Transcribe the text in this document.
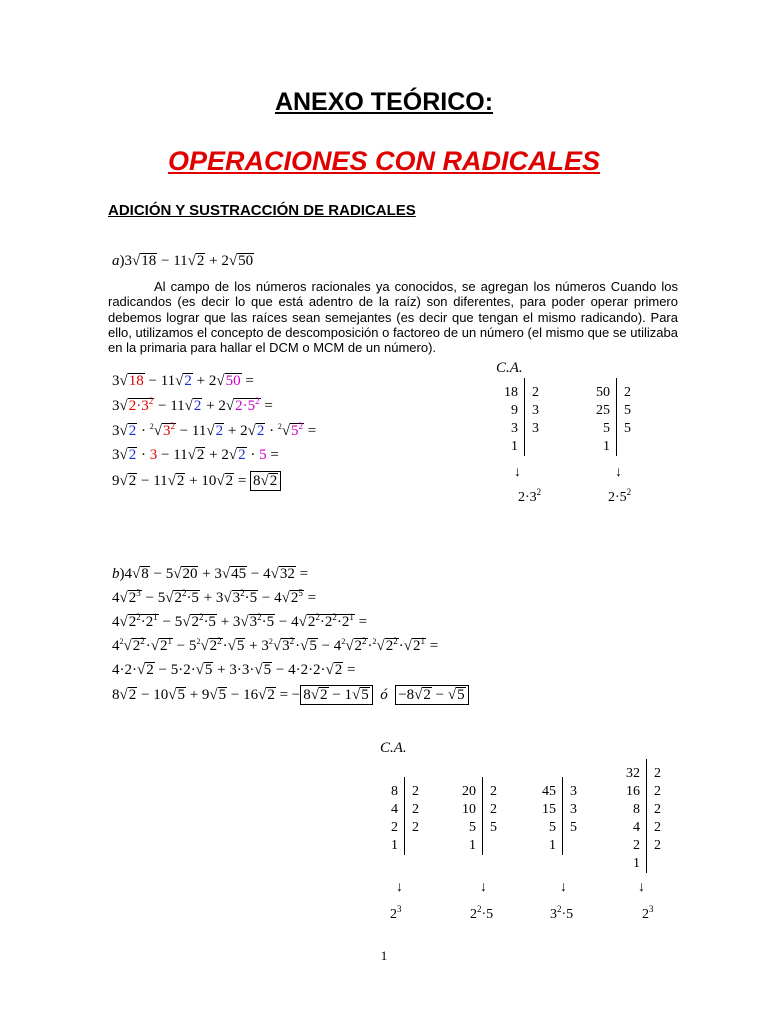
ANEXO TEÓRICO:
OPERACIONES CON RADICALES
ADICIÓN Y SUSTRACCIÓN DE RADICALES
a)3√18 − 11√2 + 2√50
Al campo de los números racionales ya conocidos, se agregan los números Cuando los radicandos (es decir lo que está adentro de la raíz) son diferentes, para poder operar primero debemos lograr que las raíces sean semejantes (es decir que tengan el mismo radicando). Para ello, utilizamos el concepto de descomposición o factoreo de un número (el mismo que se utilizaba en la primaria para hallar el DCM o MCM de un número).
3√18 − 11√2 + 2√50 =
$3√2\cdot 3^2 - 11√2 + 2√2\cdot 5^2$ =
$3√2 \cdot ^2√3^2 - 11√2 + 2√2 \cdot ^2√5^2$ =
3√2 · 3 − 11√2 + 2√2 · 5 =
9√2 − 11√2 + 10√2 = 8√2
C.A.
18
9
3
1
2
3
3
↓
$2\cdot 3^2$
50
25
5
1
2
5
5
↓
$2\cdot 5^2$
b)4√8 − 5√20 + 3√45 − 4√32 =
$4√2^3 - 5√2^2\cdot 5 + 3√3^2\cdot 5 - 4√2^5$ =
$4√2^2\cdot 2^1 - 5√2^2\cdot 5 + 3√3^2\cdot 5 - 4√2^2\cdot 2^2\cdot 2^1$ =
$4^2√2^2\cdot√2^1 - 5^2√2^2\cdot√5 + 3^2√3^2\cdot√5 - 4^2√2^2\cdot^2√2^2\cdot√2^1$ =
4·2·√2 − 5·2·√5 + 3·3·√5 − 4·2·2·√2 =
8√2 − 10√5 + 9√5 − 16√2 = − 8√2 − 1√5 ó −8√2 − √5
C.A.
8
4
2
1
2
2
2
↓
$2^3$
20
10
5
1
2
2
5
↓
$2^2\cdot 5$
45
15
5
1
3
3
5
↓
$3^2\cdot 5$
32
16
8
4
2
1
2
2
2
2
2
↓
$2^3$
1
